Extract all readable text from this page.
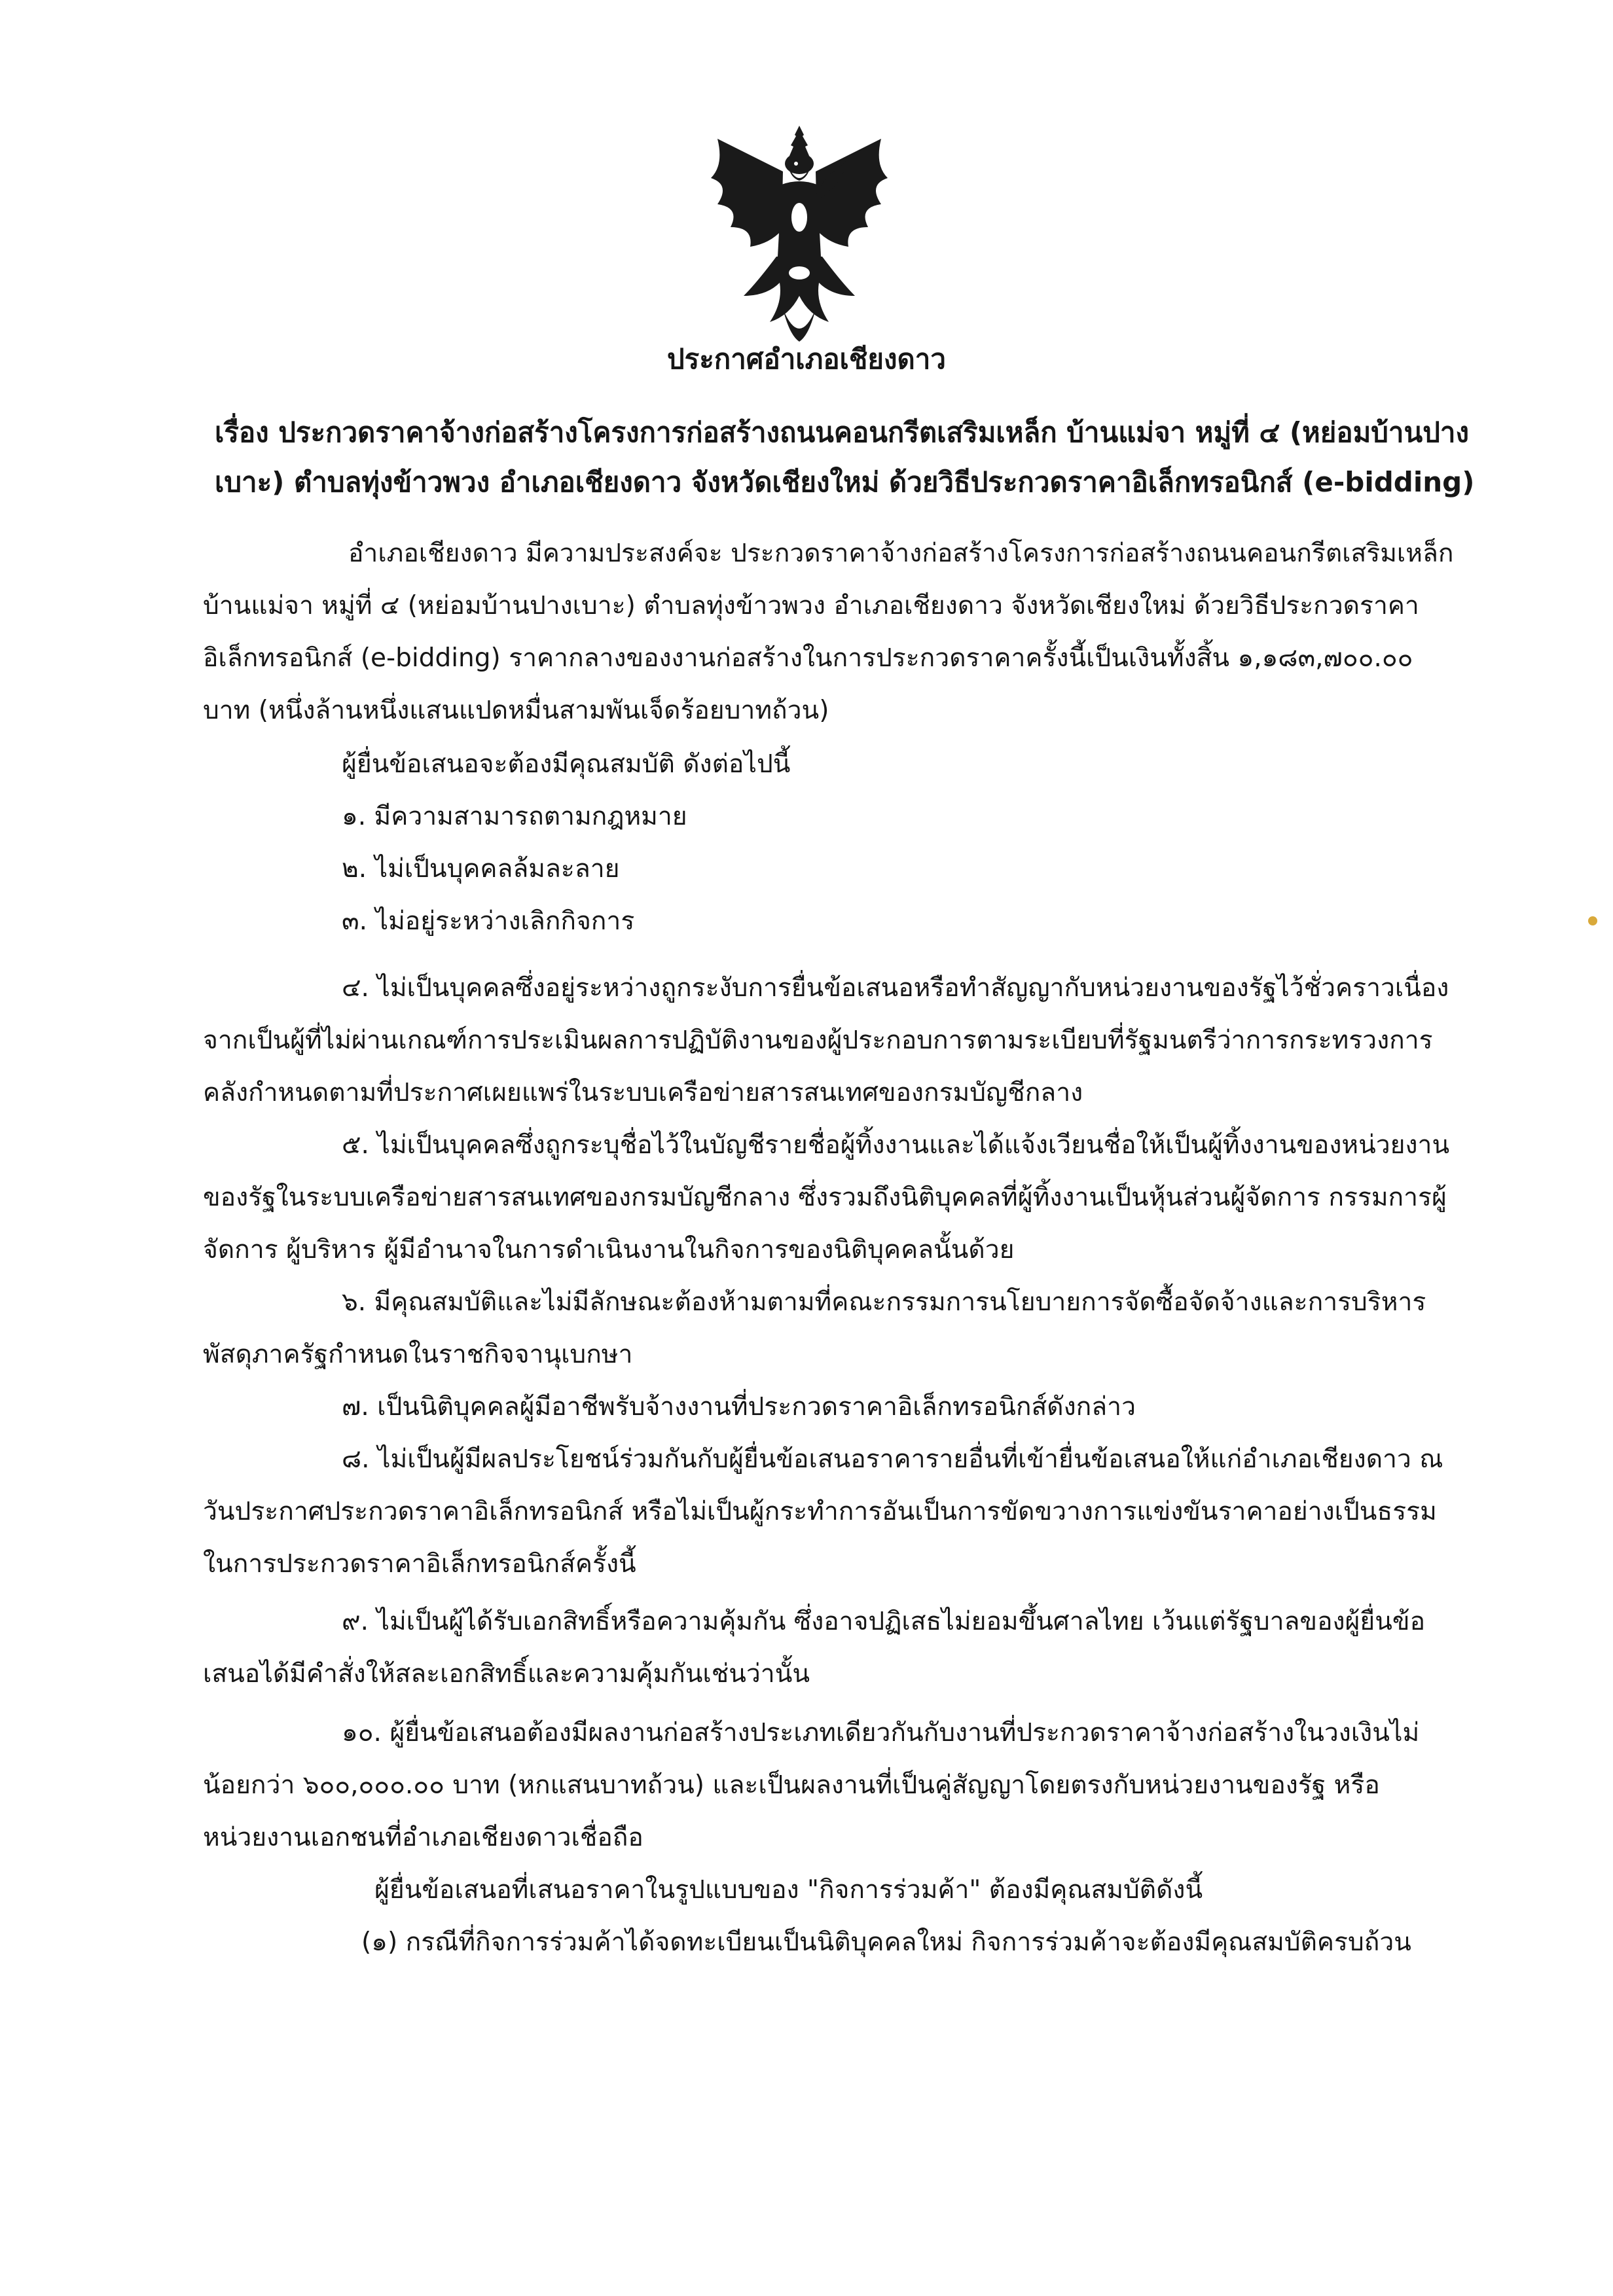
ประกาศอำเภอเชียงดาว
เรื่อง ประกวดราคาจ้างก่อสร้างโครงการก่อสร้างถนนคอนกรีตเสริมเหล็ก บ้านแม่จา หมู่ที่ ๔ (หย่อมบ้านปาง
เบาะ) ตำบลทุ่งข้าวพวง อำเภอเชียงดาว จังหวัดเชียงใหม่ ด้วยวิธีประกวดราคาอิเล็กทรอนิกส์ (e-bidding)
อำเภอเชียงดาว มีความประสงค์จะ ประกวดราคาจ้างก่อสร้างโครงการก่อสร้างถนนคอนกรีตเสริมเหล็ก
บ้านแม่จา หมู่ที่ ๔ (หย่อมบ้านปางเบาะ) ตำบลทุ่งข้าวพวง อำเภอเชียงดาว จังหวัดเชียงใหม่ ด้วยวิธีประกวดราคา
อิเล็กทรอนิกส์ (e-bidding) ราคากลางของงานก่อสร้างในการประกวดราคาครั้งนี้เป็นเงินทั้งสิ้น ๑,๑๘๓,๗๐๐.๐๐
บาท (หนึ่งล้านหนึ่งแสนแปดหมื่นสามพันเจ็ดร้อยบาทถ้วน)
ผู้ยื่นข้อเสนอจะต้องมีคุณสมบัติ ดังต่อไปนี้
๑. มีความสามารถตามกฎหมาย
๒. ไม่เป็นบุคคลล้มละลาย
๓. ไม่อยู่ระหว่างเลิกกิจการ
๔. ไม่เป็นบุคคลซึ่งอยู่ระหว่างถูกระงับการยื่นข้อเสนอหรือทำสัญญากับหน่วยงานของรัฐไว้ชั่วคราวเนื่อง
จากเป็นผู้ที่ไม่ผ่านเกณฑ์การประเมินผลการปฏิบัติงานของผู้ประกอบการตามระเบียบที่รัฐมนตรีว่าการกระทรวงการ
คลังกำหนดตามที่ประกาศเผยแพร่ในระบบเครือข่ายสารสนเทศของกรมบัญชีกลาง
๕. ไม่เป็นบุคคลซึ่งถูกระบุชื่อไว้ในบัญชีรายชื่อผู้ทิ้งงานและได้แจ้งเวียนชื่อให้เป็นผู้ทิ้งงานของหน่วยงาน
ของรัฐในระบบเครือข่ายสารสนเทศของกรมบัญชีกลาง ซึ่งรวมถึงนิติบุคคลที่ผู้ทิ้งงานเป็นหุ้นส่วนผู้จัดการ กรรมการผู้
จัดการ ผู้บริหาร ผู้มีอำนาจในการดำเนินงานในกิจการของนิติบุคคลนั้นด้วย
๖. มีคุณสมบัติและไม่มีลักษณะต้องห้ามตามที่คณะกรรมการนโยบายการจัดซื้อจัดจ้างและการบริหาร
พัสดุภาครัฐกำหนดในราชกิจจานุเบกษา
๗. เป็นนิติบุคคลผู้มีอาชีพรับจ้างงานที่ประกวดราคาอิเล็กทรอนิกส์ดังกล่าว
๘. ไม่เป็นผู้มีผลประโยชน์ร่วมกันกับผู้ยื่นข้อเสนอราคารายอื่นที่เข้ายื่นข้อเสนอให้แก่อำเภอเชียงดาว ณ
วันประกาศประกวดราคาอิเล็กทรอนิกส์ หรือไม่เป็นผู้กระทำการอันเป็นการขัดขวางการแข่งขันราคาอย่างเป็นธรรม
ในการประกวดราคาอิเล็กทรอนิกส์ครั้งนี้
๙. ไม่เป็นผู้ได้รับเอกสิทธิ์หรือความคุ้มกัน ซึ่งอาจปฏิเสธไม่ยอมขึ้นศาลไทย เว้นแต่รัฐบาลของผู้ยื่นข้อ
เสนอได้มีคำสั่งให้สละเอกสิทธิ์และความคุ้มกันเช่นว่านั้น
๑๐. ผู้ยื่นข้อเสนอต้องมีผลงานก่อสร้างประเภทเดียวกันกับงานที่ประกวดราคาจ้างก่อสร้างในวงเงินไม่
น้อยกว่า ๖๐๐,๐๐๐.๐๐ บาท (หกแสนบาทถ้วน) และเป็นผลงานที่เป็นคู่สัญญาโดยตรงกับหน่วยงานของรัฐ หรือ
หน่วยงานเอกชนที่อำเภอเชียงดาวเชื่อถือ
ผู้ยื่นข้อเสนอที่เสนอราคาในรูปแบบของ "กิจการร่วมค้า" ต้องมีคุณสมบัติดังนี้
(๑) กรณีที่กิจการร่วมค้าได้จดทะเบียนเป็นนิติบุคคลใหม่ กิจการร่วมค้าจะต้องมีคุณสมบัติครบถ้วน
